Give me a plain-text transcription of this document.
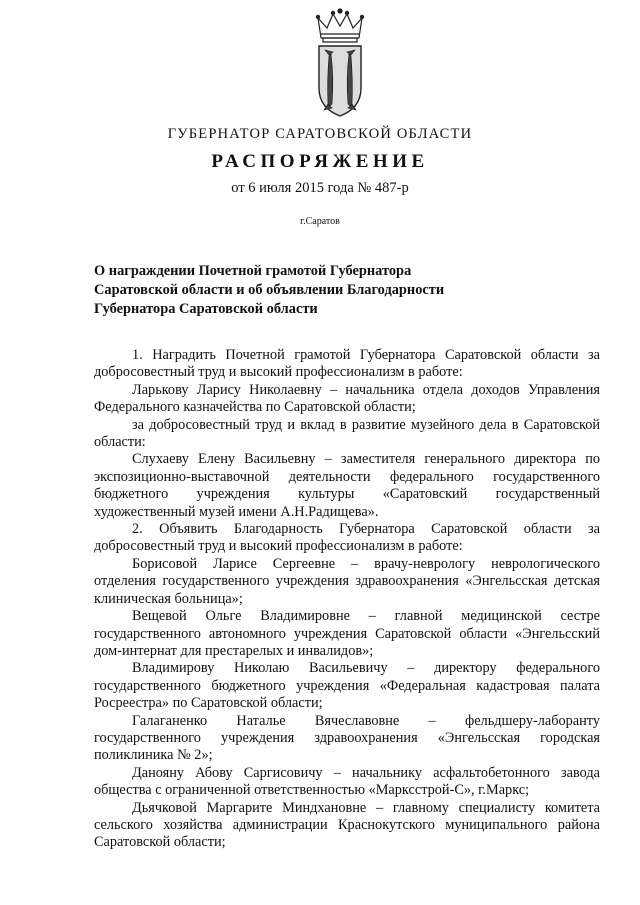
ГУБЕРНАТОР САРАТОВСКОЙ ОБЛАСТИ
РАСПОРЯЖЕНИЕ
от 6 июля 2015 года № 487-р
г.Саратов
О награждении Почетной грамотой Губернатора
Саратовской области и об объявлении Благодарности
Губернатора Саратовской области

1. Наградить Почетной грамотой Губернатора Саратовской области за добросовестный труд и высокий профессионализм в работе:

Ларькову Ларису Николаевну – начальника отдела доходов Управления Федерального казначейства по Саратовской области;

за добросовестный труд и вклад в развитие музейного дела в Саратовской области:

Слухаеву Елену Васильевну – заместителя генерального директора по экспозиционно-выставочной деятельности федерального государственного бюджетного учреждения культуры «Саратовский государственный художественный музей имени А.Н.Радищева».

2. Объявить Благодарность Губернатора Саратовской области за добросовестный труд и высокий профессионализм в работе:

Борисовой Ларисе Сергеевне – врачу-неврологу неврологического отделения государственного учреждения здравоохранения «Энгельсская детская клиническая больница»;

Вещевой Ольге Владимировне – главной медицинской сестре государственного автономного учреждения Саратовской области «Энгельсский дом-интернат для престарелых и инвалидов»;

Владимирову Николаю Васильевичу – директору федерального государственного бюджетного учреждения «Федеральная кадастровая палата Росреестра» по Саратовской области;

Галаганенко Наталье Вячеславовне – фельдшеру-лаборанту государственного учреждения здравоохранения «Энгельсская городская поликлиника № 2»;

Данояну Абову Саргисовичу – начальнику асфальтобетонного завода общества с ограниченной ответственностью «Марксстрой-С», г.Маркс;

Дьячковой Маргарите Миндхановне – главному специалисту комитета сельского хозяйства администрации Краснокутского муниципального района Саратовской области;
